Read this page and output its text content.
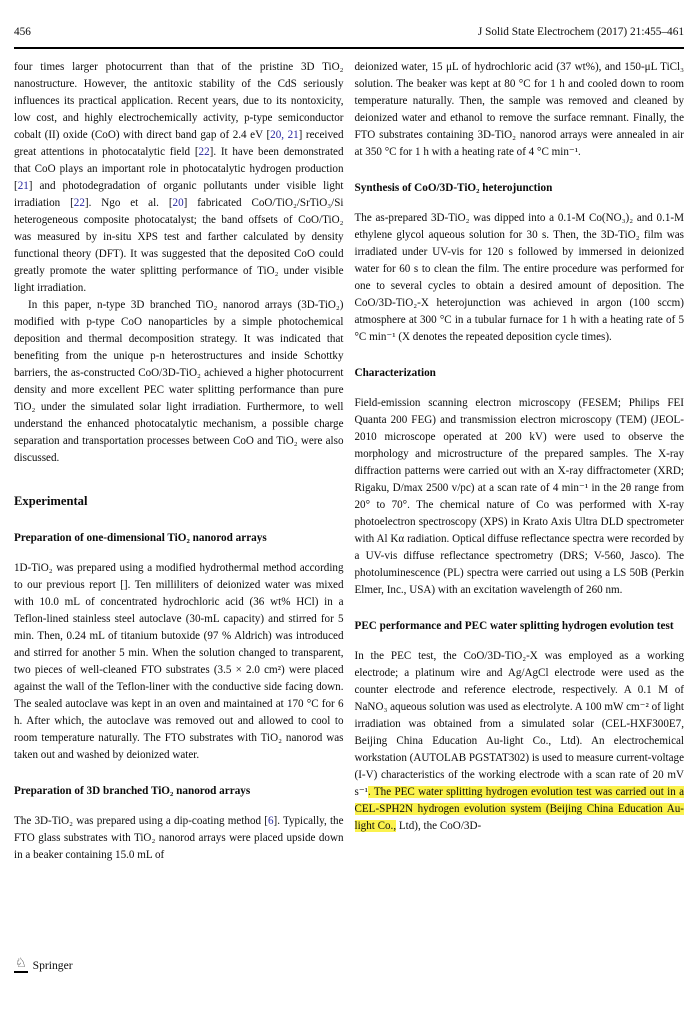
456	J Solid State Electrochem (2017) 21:455–461

four times larger photocurrent than that of the pristine 3D TiO₂ nanostructure. However, the antitoxic stability of the CdS seriously influences its practical application. Recent years, due to its nontoxicity, low cost, and highly electrochemically activity, p-type semiconductor cobalt (II) oxide (CoO) with direct band gap of 2.4 eV [20, 21] received great attentions in photocatalytic field [22]. It have been demonstrated that CoO plays an important role in photocatalytic hydrogen production [21] and photodegradation of organic pollutants under visible light irradiation [22]. Ngo et al. [20] fabricated CoO/TiO₂/SrTiO₃/Si heterogeneous composite photocatalyst; the band offsets of CoO/TiO₂ was measured by in-situ XPS test and farther calculated by density functional theory (DFT). It was suggested that the deposited CoO could greatly promote the water splitting performance of TiO₂ under visible light irradiation.

In this paper, n-type 3D branched TiO₂ nanorod arrays (3D-TiO₂) modified with p-type CoO nanoparticles by a simple photochemical deposition and thermal decomposition strategy. It was indicated that benefiting from the unique p-n heterostructures and inside Schottky barriers, the as-constructed CoO/3D-TiO₂ achieved a higher photocurrent density and more excellent PEC water splitting performance than pure TiO₂ under the simulated solar light irradiation. Furthermore, to well understand the enhanced photocatalytic mechanism, a possible charge separation and transportation processes between CoO and TiO₂ were also discussed.

Experimental
Preparation of one-dimensional TiO₂ nanorod arrays

1D-TiO₂ was prepared using a modified hydrothermal method according to our previous report []. Ten milliliters of deionized water was mixed with 10.0 mL of concentrated hydrochloric acid (36 wt% HCl) in a Teflon-lined stainless steel autoclave (30-mL capacity) and stirred for 5 min. Then, 0.24 mL of titanium butoxide (97 % Aldrich) was introduced and stirred for another 5 min. When the solution changed to transparent, two pieces of well-cleaned FTO substrates (3.5 × 2.0 cm²) were placed against the wall of the Teflon-liner with the conductive side facing down. The sealed autoclave was kept in an oven and maintained at 170 °C for 6 h. After which, the autoclave was removed out and allowed to cool to room temperature naturally. The FTO substrates with TiO₂ nanorod was taken out and washed by deionized water.

Preparation of 3D branched TiO₂ nanorod arrays

The 3D-TiO₂ was prepared using a dip-coating method [6]. Typically, the FTO glass substrates with TiO₂ nanorod arrays were placed upside down in a beaker containing 15.0 mL of

deionized water, 15 μL of hydrochloric acid (37 wt%), and 150-μL TiCl₃ solution. The beaker was kept at 80 °C for 1 h and cooled down to room temperature naturally. Then, the sample was removed and cleaned by deionized water and ethanol to remove the surface remnant. Finally, the FTO substrates containing 3D-TiO₂ nanorod arrays were annealed in air at 350 °C for 1 h with a heating rate of 4 °C min⁻¹.

Synthesis of CoO/3D-TiO₂ heterojunction

The as-prepared 3D-TiO₂ was dipped into a 0.1-M Co(NO₃)₂ and 0.1-M ethylene glycol aqueous solution for 30 s. Then, the 3D-TiO₂ film was irradiated under UV-vis for 120 s followed by immersed in deionized water for 60 s to clean the film. The entire procedure was performed for one to several cycles to obtain a desired amount of deposition. The CoO/3D-TiO₂-X heterojunction was achieved in argon (100 sccm) atmosphere at 300 °C in a tubular furnace for 1 h with a heating rate of 5 °C min⁻¹ (X denotes the repeated deposition cycle times).

Characterization

Field-emission scanning electron microscopy (FESEM; Philips FEI Quanta 200 FEG) and transmission electron microscopy (TEM) (JEOL-2010 microscope operated at 200 kV) were used to observe the morphology and microstructure of the prepared samples. The X-ray diffraction patterns were carried out with an X-ray diffractometer (XRD; Rigaku, D/max 2500 v/pc) at a scan rate of 4 min⁻¹ in the 2θ range from 20° to 70°. The chemical nature of Co was performed with X-ray photoelectron spectroscopy (XPS) in Krato Axis Ultra DLD spectrometer with Al Kα radiation. Optical diffuse reflectance spectra were recorded by a UV-vis diffuse reflectance spectrometry (DRS; V-560, Jasco). The photoluminescence (PL) spectra were carried out using a LS 50B (Perkin Elmer, Inc., USA) with an excitation wavelength of 260 nm.

PEC performance and PEC water splitting hydrogen evolution test

In the PEC test, the CoO/3D-TiO₂-X was employed as a working electrode; a platinum wire and Ag/AgCl electrode were used as the counter electrode and reference electrode, respectively. A 0.1 M of NaNO₃ aqueous solution was used as electrolyte. A 100 mW cm⁻² of light irradiation was obtained from a simulated solar (CEL-HXF300E7, Beijing China Education Au-light Co., Ltd). An electrochemical workstation (AUTOLAB PGSTAT302) is used to measure current-voltage (I-V) characteristics of the working electrode with a scan rate of 20 mV s⁻¹. The PEC water splitting hydrogen evolution test was carried out in a CEL-SPH2N hydrogen evolution system (Beijing China Education Au-light Co., Ltd), the CoO/3D-

♘ Springer
